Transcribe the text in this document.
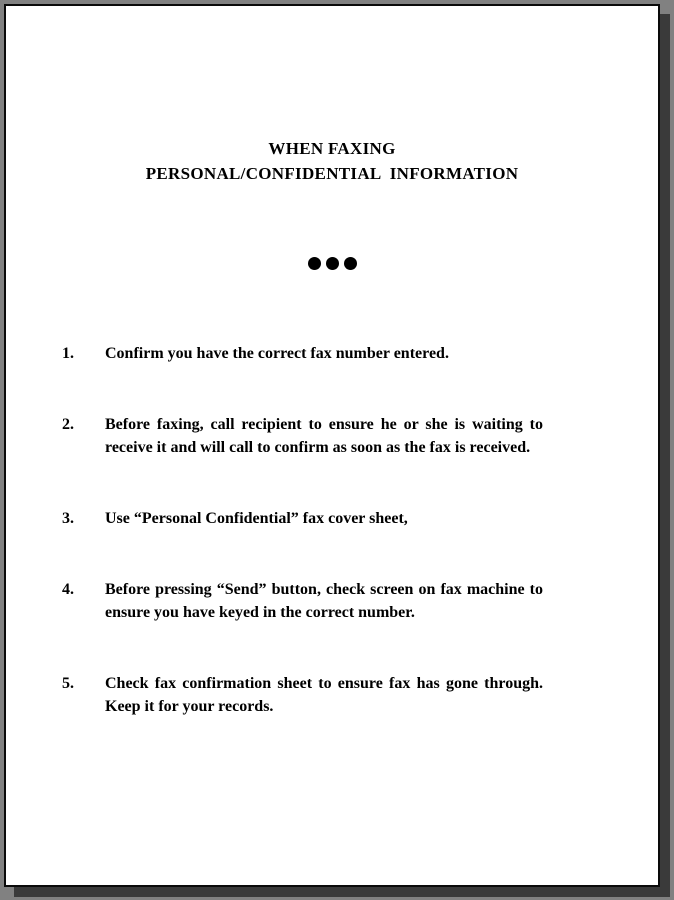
WHEN FAXING
PERSONAL/CONFIDENTIAL  INFORMATION
1.	Confirm you have the correct fax number entered.
2.	Before faxing, call recipient to ensure he or she is waiting to receive it and will call to confirm as soon as the fax is received.
3.	Use “Personal Confidential” fax cover sheet,
4.	Before pressing “Send” button, check screen on fax machine to ensure you have keyed in the correct number.
5.	Check fax confirmation sheet to ensure fax has gone through. Keep it for your records.
